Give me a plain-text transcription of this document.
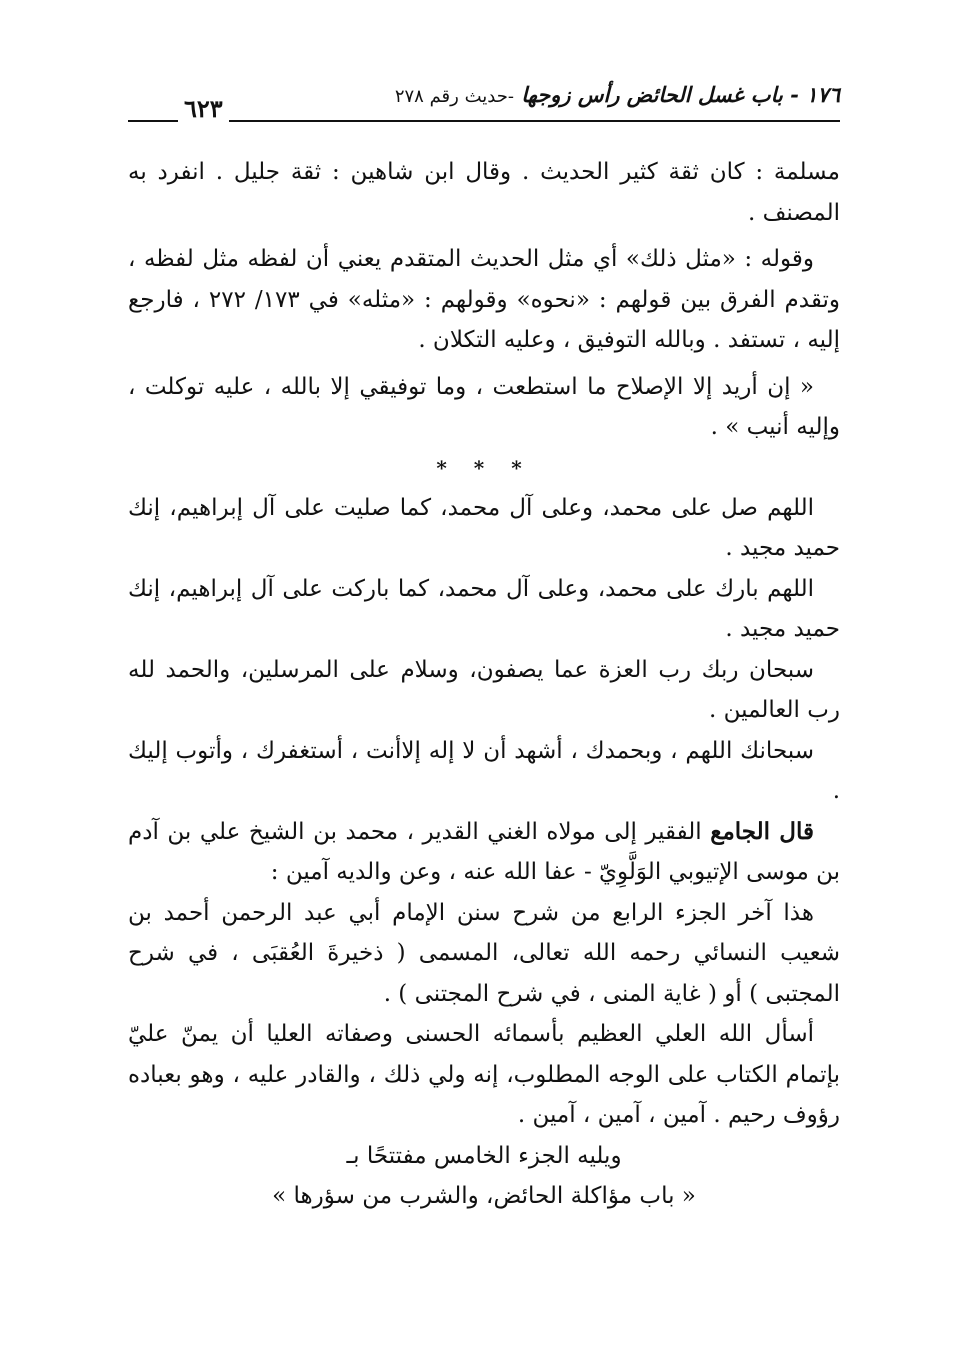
١٧٦ - باب غسل الحائض رأس زوجها -حديث رقم ٢٧٨
٦٢٣

مسلمة : كان ثقة كثير الحديث . وقال ابن شاهين : ثقة جليل . انفرد به المصنف .

وقوله : «مثل ذلك» أي مثل الحديث المتقدم يعني أن لفظه مثل لفظه ، وتقدم الفرق بين قولهم : «نحوه» وقولهم : «مثله» في ١٧٣/ ٢٧٢ ، فارجع إليه ، تستفد . وبالله التوفيق ، وعليه التكلان .

« إن أريد إلا الإصلاح ما استطعت ، وما توفيقي إلا بالله ، عليه توكلت ، وإليه أنيب » .

* * *

اللهم صل على محمد، وعلى آل محمد، كما صليت على آل إبراهيم، إنك حميد مجيد .

اللهم بارك على محمد، وعلى آل محمد، كما باركت على آل إبراهيم، إنك حميد مجيد .

سبحان ربك رب العزة عما يصفون، وسلام على المرسلين، والحمد لله رب العالمين .

سبحانك اللهم ، وبحمدك ، أشهد أن لا إله إلاأنت ، أستغفرك ، وأتوب إليك .

قال الجامع الفقير إلى مولاه الغني القدير ، محمد بن الشيخ علي بن آدم بن موسى الإتيوبي الوَلَّوِيّ - عفا الله عنه ، وعن والديه آمين :

هذا آخر الجزء الرابع من شرح سنن الإمام أبي عبد الرحمن أحمد بن شعيب النسائي رحمه الله تعالى، المسمى ( ذخيرةَ العُقبَى ، في شرح المجتبى ) أو ( غاية المنى ، في شرح المجتنى ) .

أسأل الله العلي العظيم بأسمائه الحسنى وصفاته العليا أن يمنّ عليّ بإتمام الكتاب على الوجه المطلوب، إنه ولي ذلك ، والقادر عليه ، وهو بعباده رؤوف رحيم . آمين ، آمين ، آمين .

ويليه الجزء الخامس مفتتحًا بـ

« باب مؤاكلة الحائض، والشرب من سؤرها »
